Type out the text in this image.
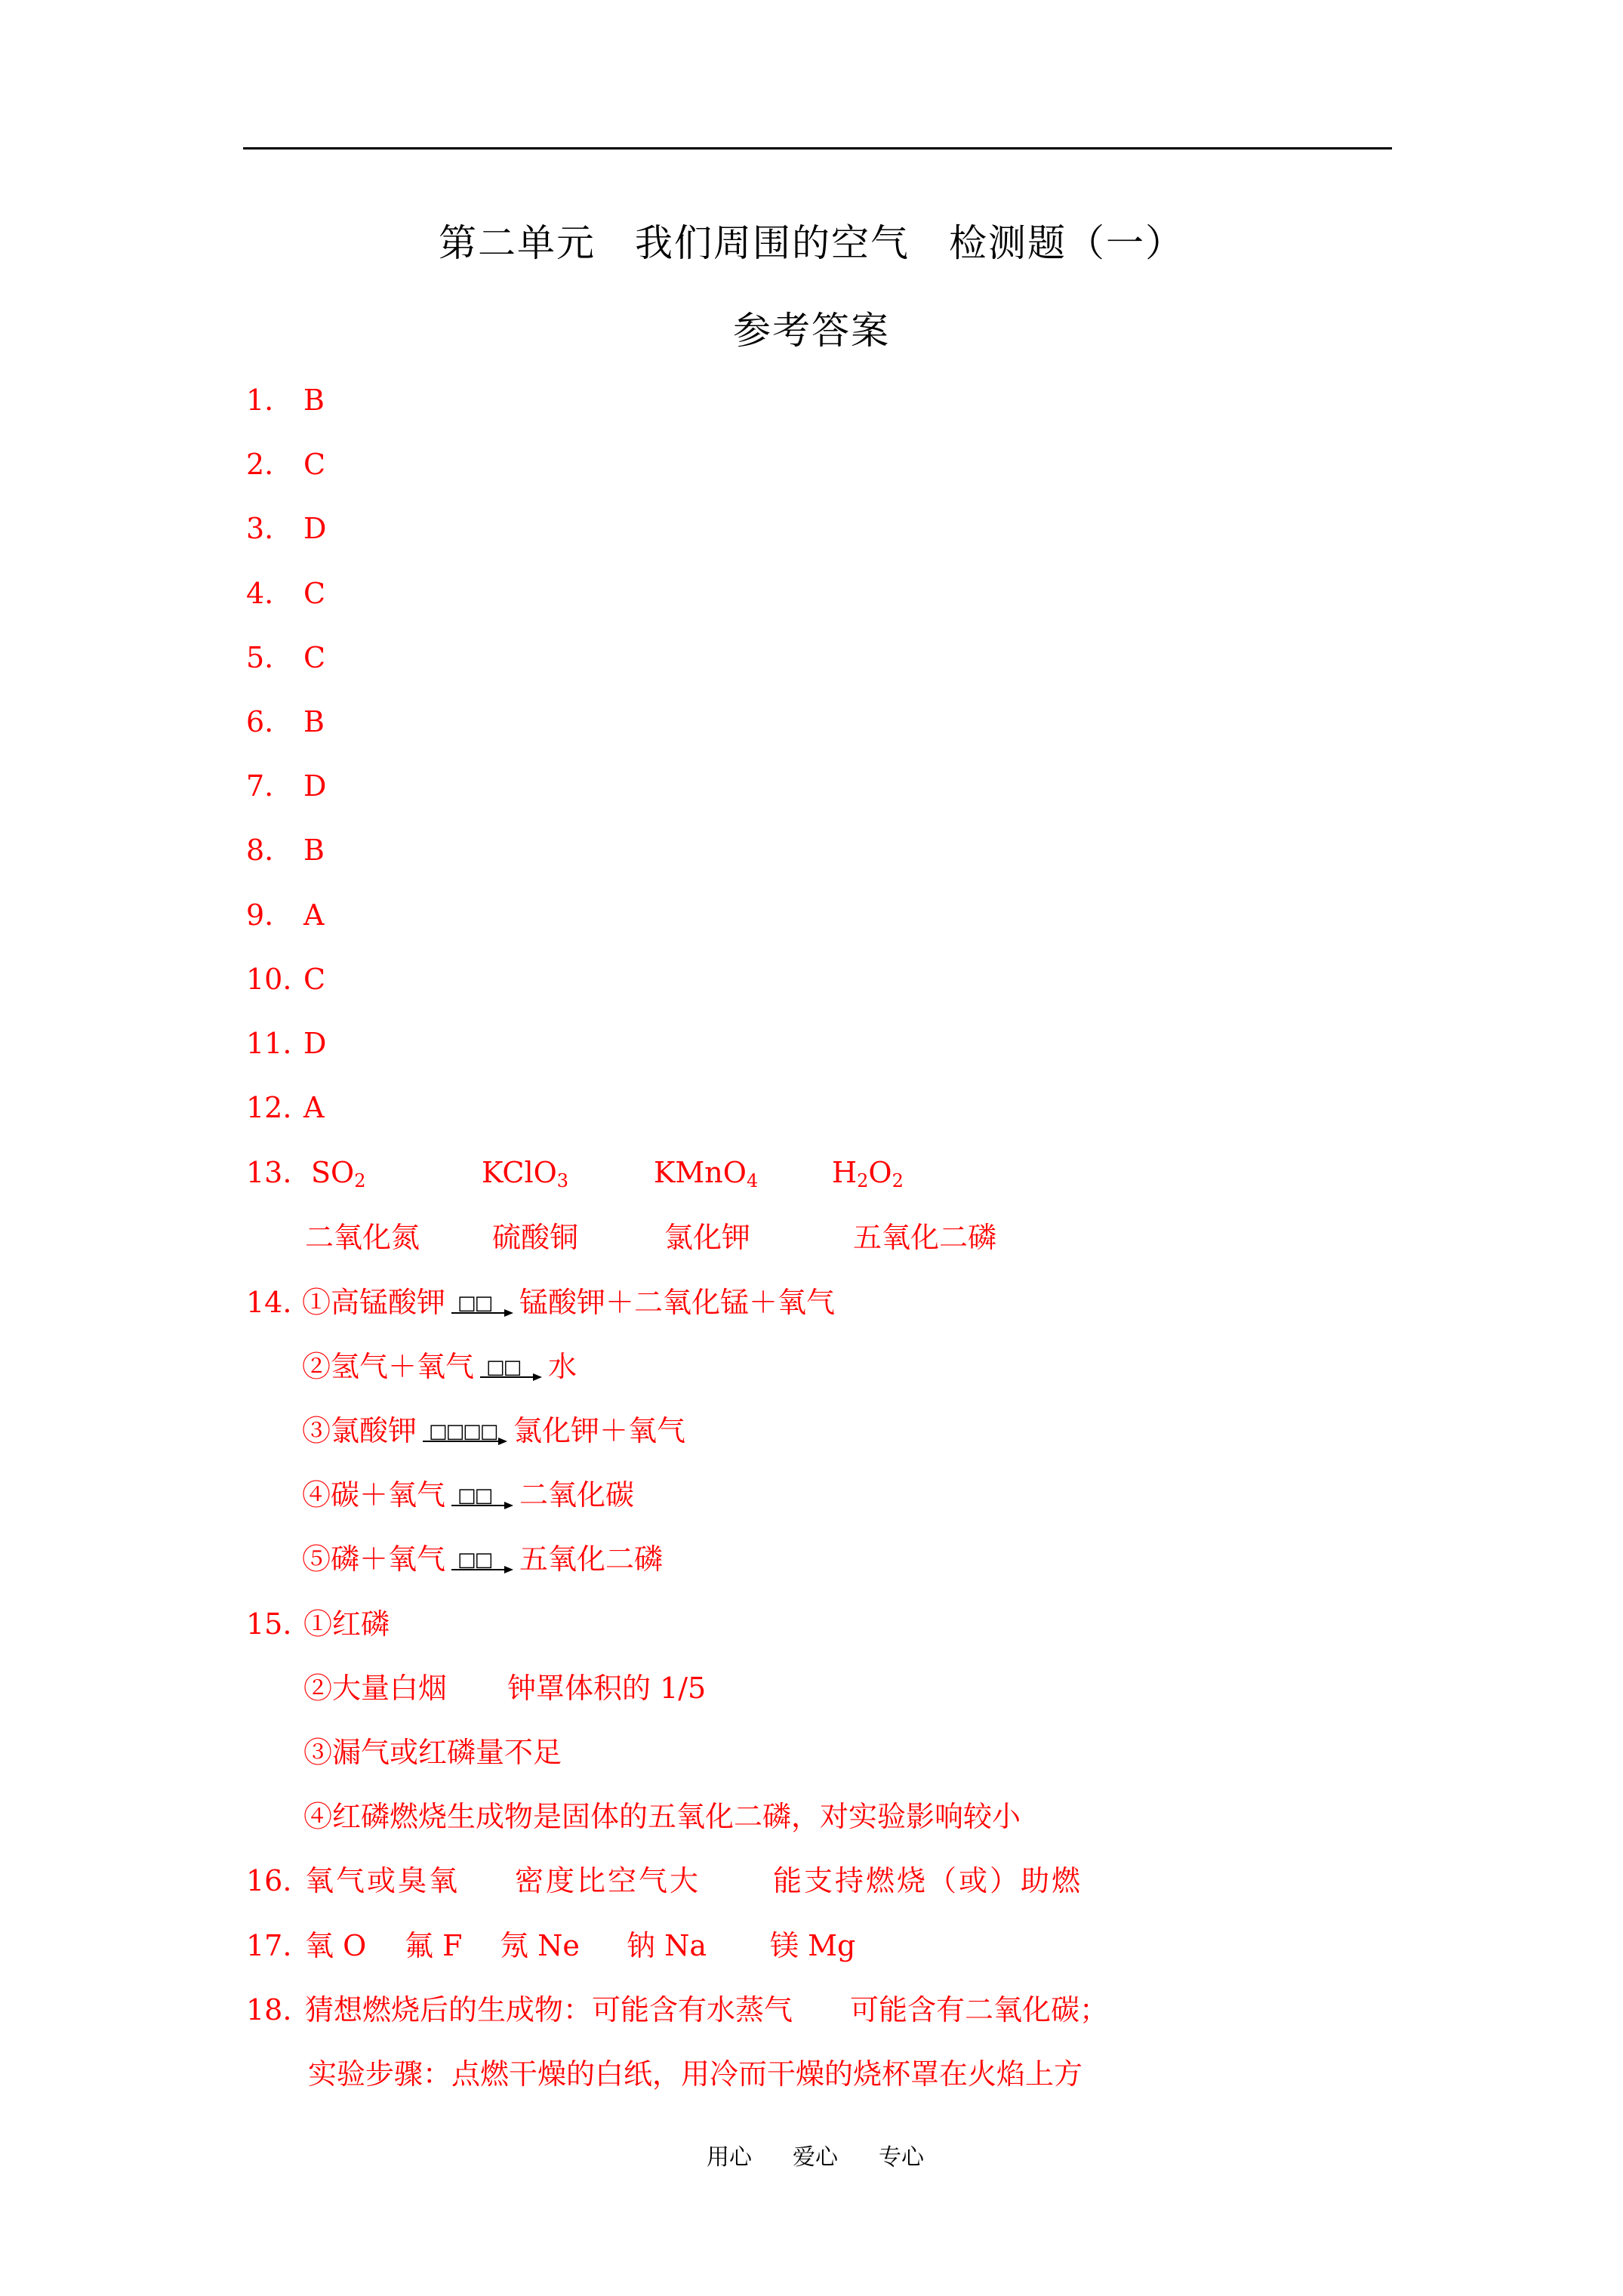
第二单元　我们周围的空气　检测题（一）
参考答案
1. B
2. C
3. D
4. C
5. C
6. B
7. D
8. B
9. A
10. C
11. D
12. A
13. $SO_2$	KClO$_3$	KMnO$_4$	$H_2O_2$
二氧化氮	硫酸铜	氯化钾	五氧化二磷
14. ①高锰酸钾 □□ 锰酸钾＋二氧化锰＋氧气
②氢气＋氧气 □□ 水
③氯酸钾 □□□□ 氯化钾＋氧气
④碳＋氧气 □□ 二氧化碳
⑤磷＋氧气 □□ 五氧化二磷
15. ①红磷
②大量白烟 钟罩体积的 1/5
③漏气或红磷量不足
④红磷燃烧生成物是固体的五氧化二磷，对实验影响较小
16. 氧气或臭氧 密度比空气大	能支持燃烧（或）助燃
17. 氧 O 氟 F 氖 Ne 钠 Na 镁 Mg
18. 猜想燃烧后的生成物：可能含有水蒸气　　可能含有二氧化碳；
实验步骤：点燃干燥的白纸，用冷而干燥的烧杯罩在火焰上方
用心 爱心 专心
